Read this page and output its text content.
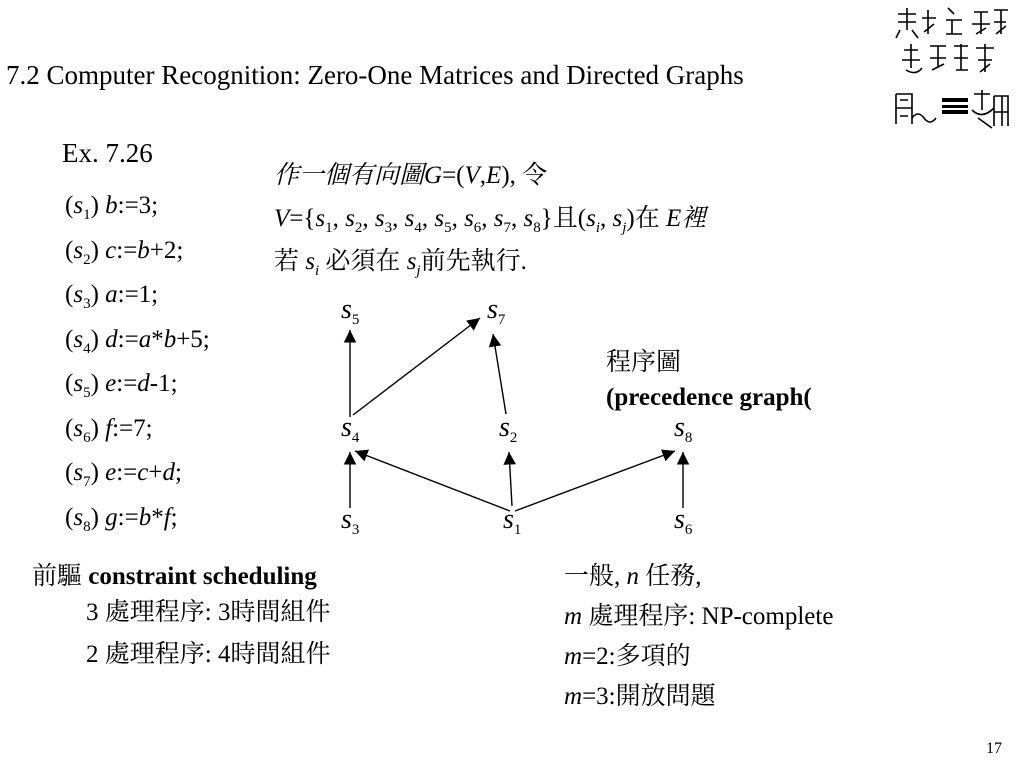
7.2 Computer Recognition: Zero-One Matrices and Directed Graphs
Ex. 7.26
$(s_1)$ b:=3;
$(s_2)$ c:=b+2;
$(s_3)$ a:=1;
$(s_4)$ d:=a*b+5;
$(s_5)$ e:=d-1;
$(s_6)$ f:=7;
$(s_7)$ e:=c+d;
$(s_8)$ g:=b*f;
作一個有向圖G=(V,E), 令
$V=\{s_1$, $s_2$, $s_3$, $s_4$, $s_5$, $s_6$, $s_7$, $s_8$}且($s_i$, $s_j$)在 E裡
若 $s_i$ 必須在 $s_j$前先執行.
$s_5$	$s_7$
$s_4$	$s_2$	$s_8$
$s_3$	$s_1$	$s_6$
程序圖
(precedence graph(
前驅 constraint scheduling
3 處理程序: 3時間組件
2 處理程序: 4時間組件
一般, n 任務,
m 處理程序: NP-complete
m=2:多項的
m=3:開放問題
17
